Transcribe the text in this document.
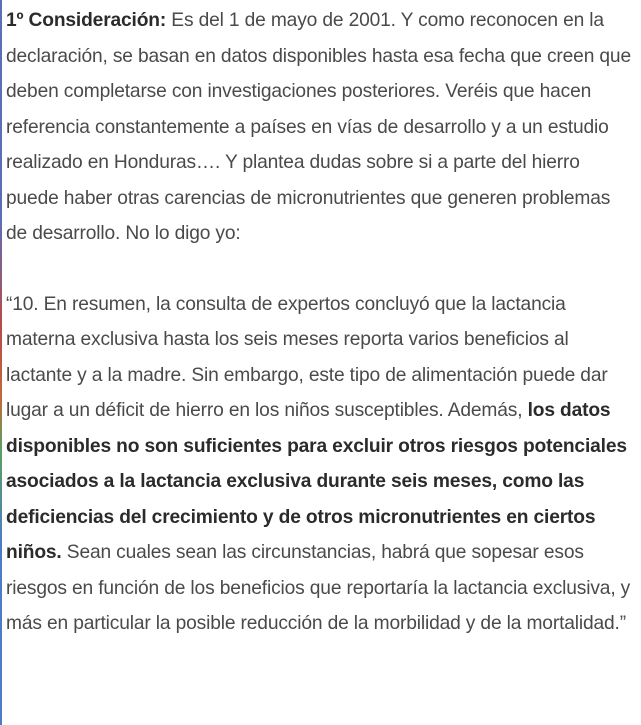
1º Consideración: Es del 1 de mayo de 2001. Y como reconocen en la declaración, se basan en datos disponibles hasta esa fecha que creen que deben completarse con investigaciones posteriores. Veréis que hacen referencia constantemente a países en vías de desarrollo y a un estudio realizado en Honduras…. Y plantea dudas sobre si a parte del hierro puede haber otras carencias de micronutrientes que generen problemas de desarrollo. No lo digo yo:

“10. En resumen, la consulta de expertos concluyó que la lactancia materna exclusiva hasta los seis meses reporta varios beneficios al lactante y a la madre. Sin embargo, este tipo de alimentación puede dar lugar a un déficit de hierro en los niños susceptibles. Además, los datos disponibles no son suficientes para excluir otros riesgos potenciales asociados a la lactancia exclusiva durante seis meses, como las deficiencias del crecimiento y de otros micronutrientes en ciertos niños. Sean cuales sean las circunstancias, habrá que sopesar esos riesgos en función de los beneficios que reportaría la lactancia exclusiva, y más en particular la posible reducción de la morbilidad y de la mortalidad.”
